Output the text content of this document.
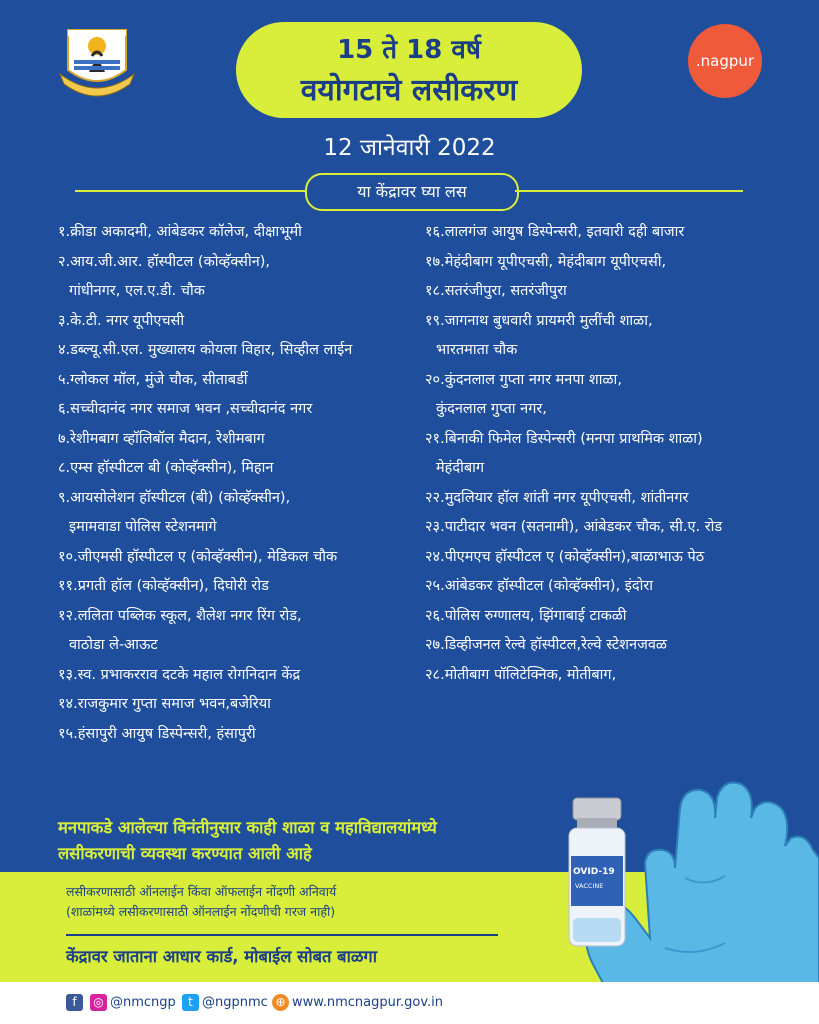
15 ते 18 वर्ष
वयोगटाचे लसीकरण
.nagpur
12 जानेवारी 2022
या केंद्रावर घ्या लस
१.क्रीडा अकादमी, आंबेडकर कॉलेज, दीक्षाभूमी
२.आय.जी.आर. हॉस्पीटल (कोव्हॅक्सीन),
गांधीनगर, एल.ए.डी. चौक
३.के.टी. नगर यूपीएचसी
४.डब्ल्यू.सी.एल. मुख्यालय कोयला विहार, सिव्हील लाईन
५.ग्लोकल मॉल, मुंजे चौक, सीताबर्डी
६.सच्चीदानंद नगर समाज भवन ,सच्चीदानंद नगर
७.रेशीमबाग व्हॉलिबॉल मैदान, रेशीमबाग
८.एम्स हॉस्पीटल बी (कोव्हॅक्सीन), मिहान
९.आयसोलेशन हॉस्पीटल (बी) (कोव्हॅक्सीन),
इमामवाडा पोलिस स्टेशनमागे
१०.जीएमसी हॉस्पीटल ए (कोव्हॅक्सीन), मेडिकल चौक
११.प्रगती हॉल (कोव्हॅक्सीन), दिघोरी रोड
१२.ललिता पब्लिक स्कूल, शैलेश नगर रिंग रोड,
वाठोडा ले-आऊट
१३.स्व. प्रभाकरराव दटके महाल रोगनिदान केंद्र
१४.राजकुमार गुप्ता समाज भवन,बजेरिया
१५.हंसापुरी आयुष डिस्पेन्सरी, हंसापुरी
१६.लालगंज आयुष डिस्पेन्सरी, इतवारी दही बाजार
१७.मेहंदीबाग यूपीएचसी, मेहंदीबाग यूपीएचसी,
१८.सतरंजीपुरा, सतरंजीपुरा
१९.जागनाथ बुधवारी प्रायमरी मुलींची शाळा,
भारतमाता चौक
२०.कुंदनलाल गुप्ता नगर मनपा शाळा,
कुंदनलाल गुप्ता नगर,
२१.बिनाकी फिमेल डिस्पेन्सरी (मनपा प्राथमिक शाळा)
मेहंदीबाग
२२.मुदलियार हॉल शांती नगर यूपीएचसी, शांतीनगर
२३.पाटीदार भवन (सतनामी), आंबेडकर चौक, सी.ए. रोड
२४.पीएमएच हॉस्पीटल ए (कोव्हॅक्सीन),बाळाभाऊ पेठ
२५.आंबेडकर हॉस्पीटल (कोव्हॅक्सीन), इंदोरा
२६.पोलिस रुग्णालय, झिंगाबाई टाकळी
२७.डिव्हीजनल रेल्वे हॉस्पीटल,रेल्वे स्टेशनजवळ
२८.मोतीबाग पॉलिटेक्निक, मोतीबाग,
मनपाकडे आलेल्या विनंतीनुसार काही शाळा व महाविद्यालयांमध्ये
लसीकरणाची व्यवस्था करण्यात आली आहे
लसीकरणासाठी ऑनलाईन किंवा ऑफलाईन नोंदणी अनिवार्य
(शाळांमध्ये लसीकरणासाठी ऑनलाईन नोंदणीची गरज नाही)
केंद्रावर जाताना आधार कार्ड, मोबाईल सोबत बाळगा
OVID-19
VACCINE
f	◎ @nmcngp	t @ngpnmc ⊕ www.nmcnagpur.gov.in
